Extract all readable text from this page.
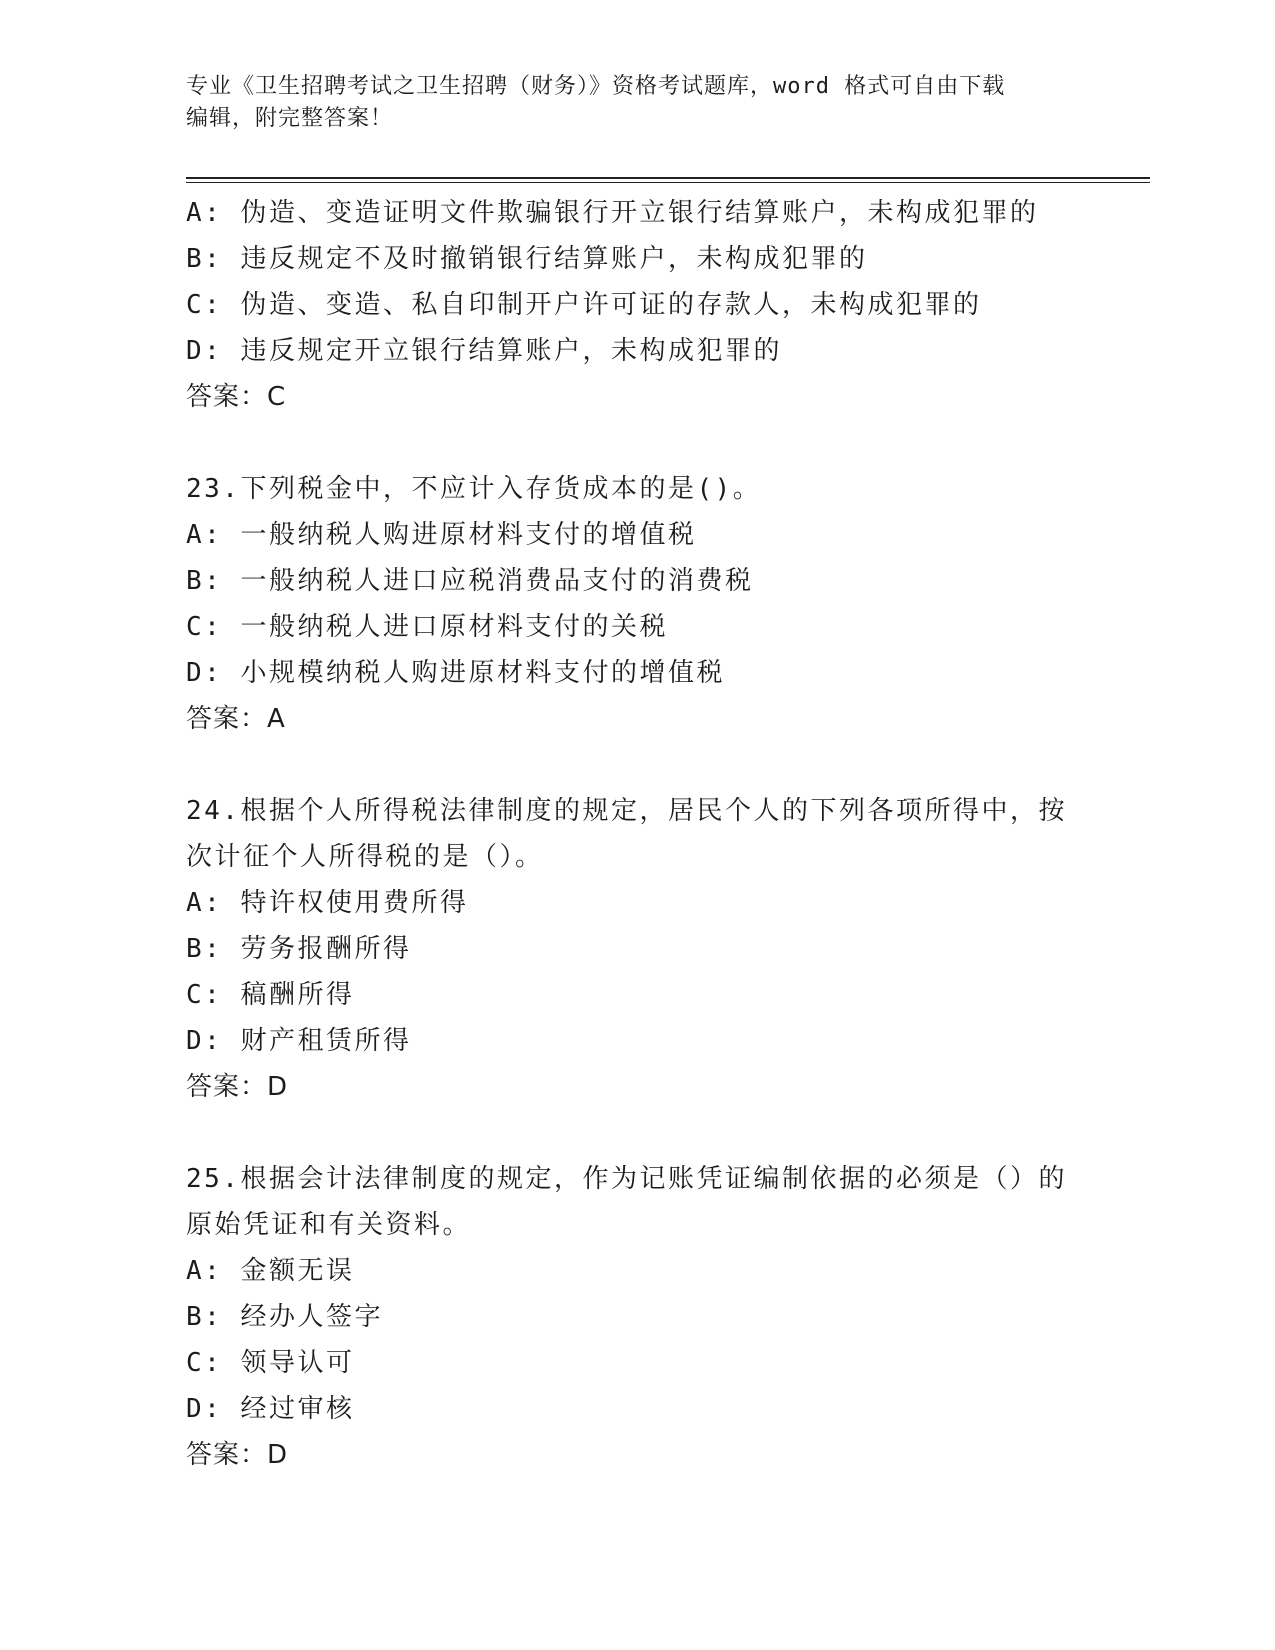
专业《卫生招聘考试之卫生招聘（财务）》资格考试题库，word 格式可自由下载
编辑，附完整答案！
A: 伪造、变造证明文件欺骗银行开立银行结算账户，未构成犯罪的
B: 违反规定不及时撤销银行结算账户，未构成犯罪的
C: 伪造、变造、私自印制开户许可证的存款人，未构成犯罪的
D: 违反规定开立银行结算账户，未构成犯罪的
答案：C
23.下列税金中，不应计入存货成本的是()。
A: 一般纳税人购进原材料支付的增值税
B: 一般纳税人进口应税消费品支付的消费税
C: 一般纳税人进口原材料支付的关税
D: 小规模纳税人购进原材料支付的增值税
答案：A
24.根据个人所得税法律制度的规定，居民个人的下列各项所得中，按
次计征个人所得税的是（）。
A: 特许权使用费所得
B: 劳务报酬所得
C: 稿酬所得
D: 财产租赁所得
答案：D
25.根据会计法律制度的规定，作为记账凭证编制依据的必须是（）的
原始凭证和有关资料。
A: 金额无误
B: 经办人签字
C: 领导认可
D: 经过审核
答案：D
